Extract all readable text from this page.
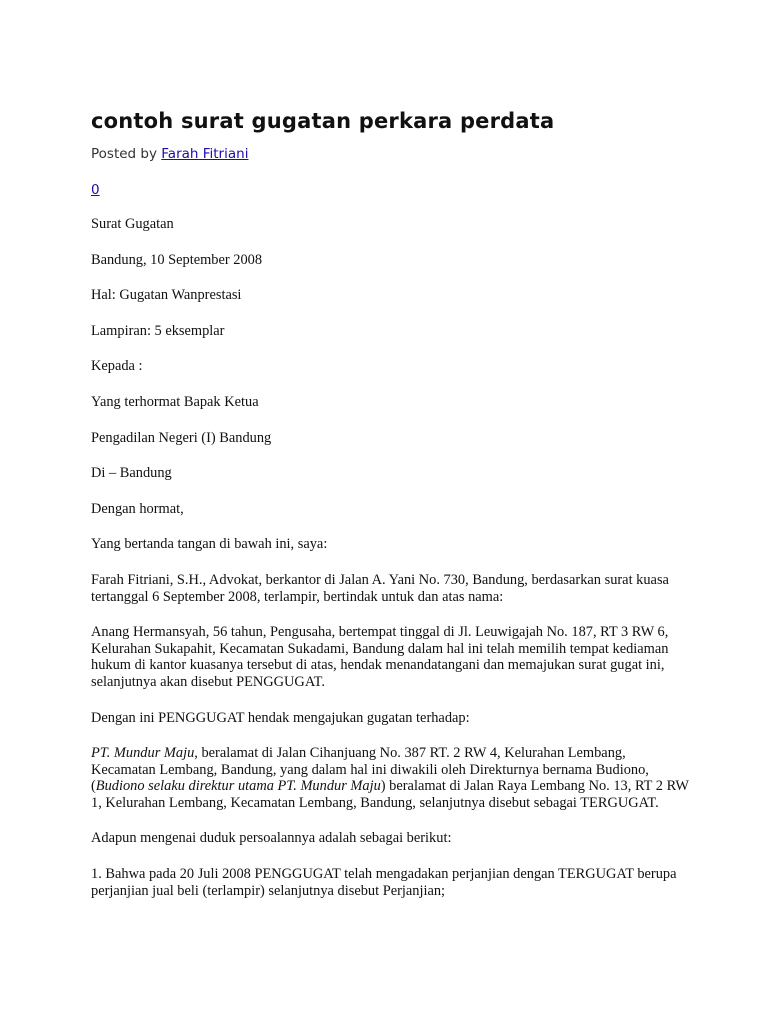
contoh surat gugatan perkara perdata
Posted by Farah Fitriani
0

Surat Gugatan

Bandung, 10 September 2008

Hal: Gugatan Wanprestasi

Lampiran: 5 eksemplar

Kepada :

Yang terhormat Bapak Ketua

Pengadilan Negeri (I) Bandung

Di – Bandung

Dengan hormat,

Yang bertanda tangan di bawah ini, saya:

Farah Fitriani, S.H., Advokat, berkantor di Jalan A. Yani No. 730, Bandung, berdasarkan surat kuasa tertanggal 6 September 2008, terlampir, bertindak untuk dan atas nama:

Anang Hermansyah, 56 tahun, Pengusaha, bertempat tinggal di Jl. Leuwigajah No. 187, RT 3 RW 6, Kelurahan Sukapahit, Kecamatan Sukadami, Bandung dalam hal ini telah memilih tempat kediaman hukum di kantor kuasanya tersebut di atas, hendak menandatangani dan memajukan surat gugat ini, selanjutnya akan disebut PENGGUGAT.

Dengan ini PENGGUGAT hendak mengajukan gugatan terhadap:

PT. Mundur Maju, beralamat di Jalan Cihanjuang No. 387 RT. 2 RW 4, Kelurahan Lembang, Kecamatan Lembang, Bandung, yang dalam hal ini diwakili oleh Direkturnya bernama Budiono, (Budiono selaku direktur utama PT. Mundur Maju) beralamat di Jalan Raya Lembang No. 13, RT 2 RW 1, Kelurahan Lembang, Kecamatan Lembang, Bandung, selanjutnya disebut sebagai TERGUGAT.

Adapun mengenai duduk persoalannya adalah sebagai berikut:

1. Bahwa pada 20 Juli 2008 PENGGUGAT telah mengadakan perjanjian dengan TERGUGAT berupa perjanjian jual beli (terlampir) selanjutnya disebut Perjanjian;
